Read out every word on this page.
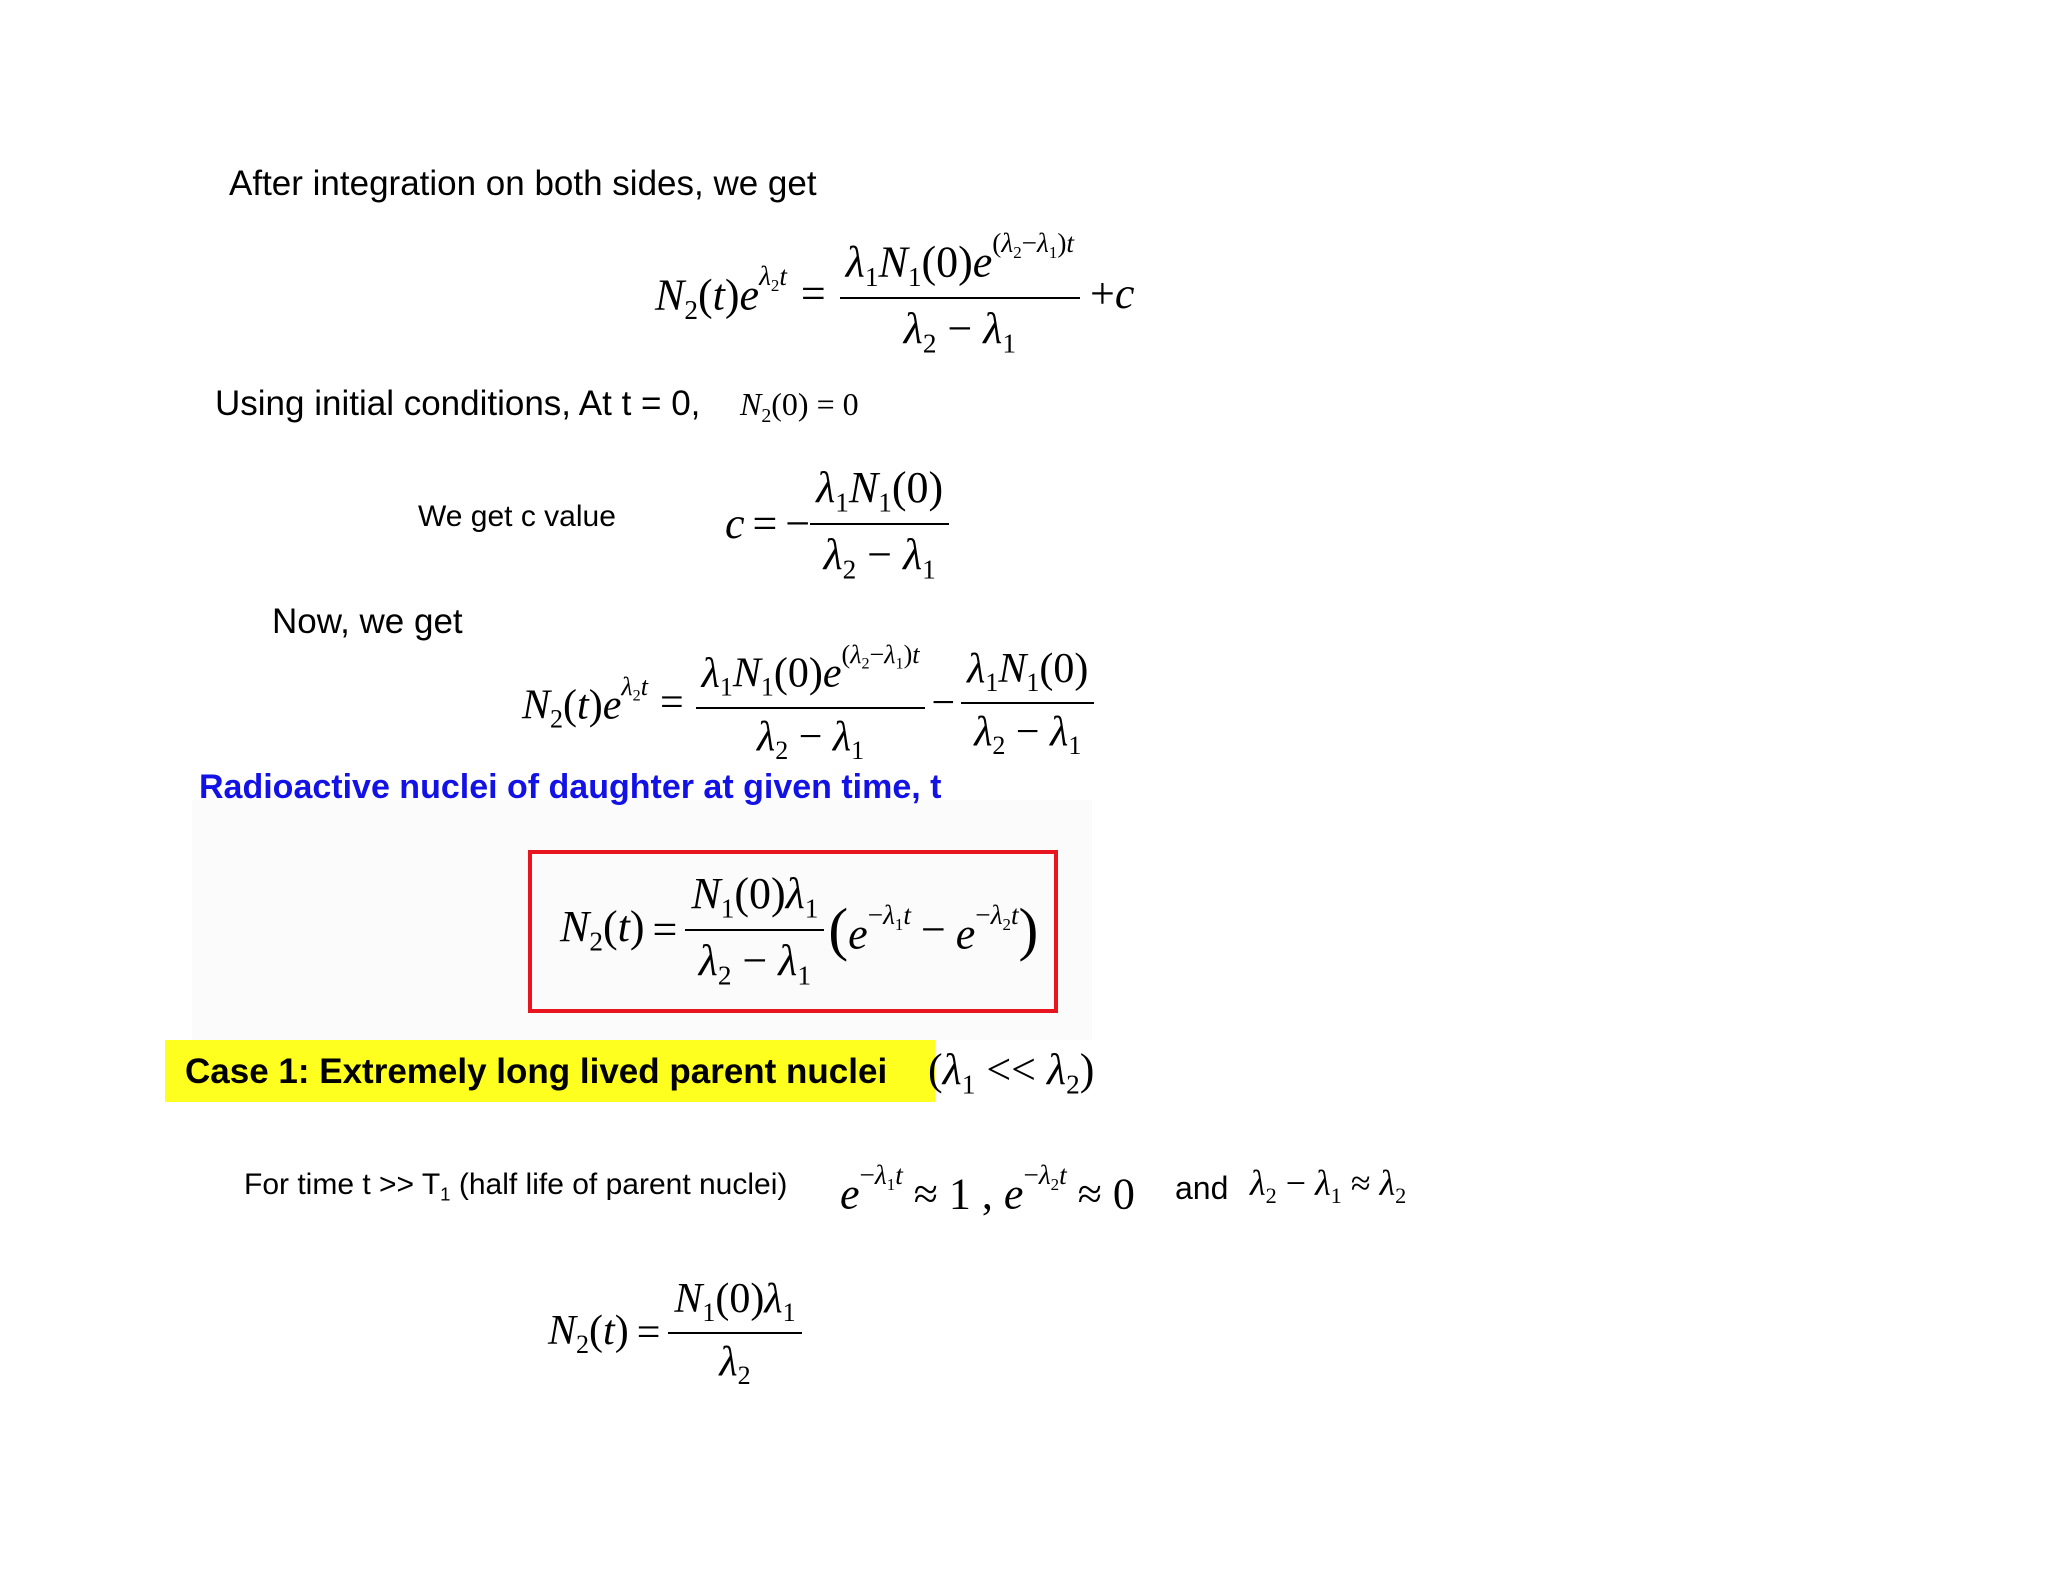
After integration on both sides, we get
$N_2(t)e^{\lambda_2t} = \frac{\lambda_1N_1(0)e^{(\lambda_2-\lambda_1)t}}{\lambda_2 - \lambda_1} + c$
Using initial conditions, At t = 0, $N_2(0) = 0$
We get c value c = − $\frac{\lambda_1N_1(0)}{\lambda_2 - \lambda_1}$
Now, we get
$N_2(t)e^{\lambda_2t} = \frac{\lambda_1N_1(0)e^{(\lambda_2-\lambda_1)t}}{\lambda_2 - \lambda_1} - \frac{\lambda_1N_1(0)}{\lambda_2 - \lambda_1}$
Radioactive nuclei of daughter at given time, t
$N_2(t) = \frac{N_1(0)\lambda_1}{\lambda_2 - \lambda_1}$ ( $e^{-\lambda_1t} - e^{-\lambda_2t}$ )
Case 1: Extremely long lived parent nuclei $(\lambda_1 << \lambda_2)$
For time $t >> T_1$ (half life of parent nuclei) $e^{-\lambda_1t} \approx 1$ , $e^{-\lambda_2t} \approx 0$ and $\lambda_2 - \lambda_1 \approx \lambda_2$
$N_2(t) = \frac{N_1(0)\lambda_1}{\lambda_2}$
